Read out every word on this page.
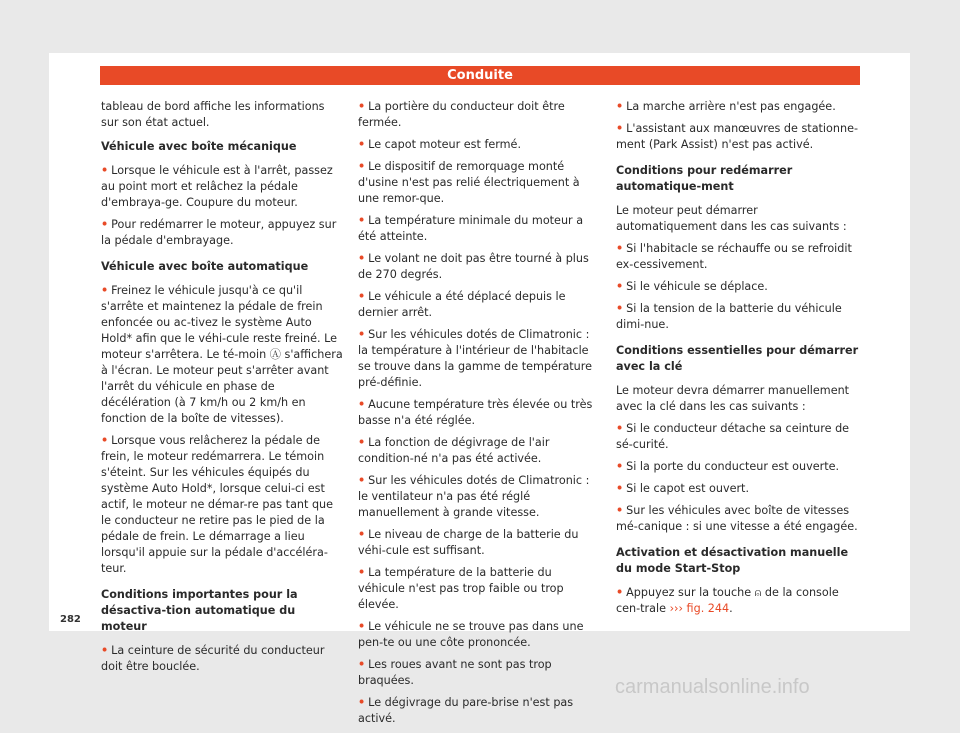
Conduite

tableau de bord affiche les informations sur son état actuel.

Véhicule avec boîte mécanique

• Lorsque le véhicule est à l'arrêt, passez au point mort et relâchez la pédale d'embraya-ge. Coupure du moteur.
• Pour redémarrer le moteur, appuyez sur la pédale d'embrayage.

Véhicule avec boîte automatique

• Freinez le véhicule jusqu'à ce qu'il s'arrête et maintenez la pédale de frein enfoncée ou ac-tivez le système Auto Hold* afin que le véhi-cule reste freiné. Le moteur s'arrêtera. Le té-moin Ⓐ s'affichera à l'écran. Le moteur peut s'arrêter avant l'arrêt du véhicule en phase de décélération (à 7 km/h ou 2 km/h en fonction de la boîte de vitesses).
• Lorsque vous relâcherez la pédale de frein, le moteur redémarrera. Le témoin s'éteint. Sur les véhicules équipés du système Auto Hold*, lorsque celui-ci est actif, le moteur ne démar-re pas tant que le conducteur ne retire pas le pied de la pédale de frein. Le démarrage a lieu lorsqu'il appuie sur la pédale d'accéléra-teur.

Conditions importantes pour la désactiva-tion automatique du moteur

• La ceinture de sécurité du conducteur doit être bouclée.
• La portière du conducteur doit être fermée.
• Le capot moteur est fermé.
• Le dispositif de remorquage monté d'usine n'est pas relié électriquement à une remor-que.
• La température minimale du moteur a été atteinte.
• Le volant ne doit pas être tourné à plus de 270 degrés.
• Le véhicule a été déplacé depuis le dernier arrêt.
• Sur les véhicules dotés de Climatronic : la température à l'intérieur de l'habitacle se trouve dans la gamme de température pré-définie.
• Aucune température très élevée ou très basse n'a été réglée.
• La fonction de dégivrage de l'air condition-né n'a pas été activée.
• Sur les véhicules dotés de Climatronic : le ventilateur n'a pas été réglé manuellement à grande vitesse.
• Le niveau de charge de la batterie du véhi-cule est suffisant.
• La température de la batterie du véhicule n'est pas trop faible ou trop élevée.
• Le véhicule ne se trouve pas dans une pen-te ou une côte prononcée.
• Les roues avant ne sont pas trop braquées.
• Le dégivrage du pare-brise n'est pas activé.
• La marche arrière n'est pas engagée.
• L'assistant aux manœuvres de stationne-ment (Park Assist) n'est pas activé.

Conditions pour redémarrer automatique-ment

Le moteur peut démarrer automatiquement dans les cas suivants :

• Si l'habitacle se réchauffe ou se refroidit ex-cessivement.
• Si le véhicule se déplace.
• Si la tension de la batterie du véhicule dimi-nue.

Conditions essentielles pour démarrer avec la clé

Le moteur devra démarrer manuellement avec la clé dans les cas suivants :

• Si le conducteur détache sa ceinture de sé-curité.
• Si la porte du conducteur est ouverte.
• Si le capot est ouvert.
• Sur les véhicules avec boîte de vitesses mé-canique : si une vitesse a été engagée.

Activation et désactivation manuelle du mode Start-Stop

• Appuyez sur la touche ⍝ de la console cen-trale ››› fig. 244.
282
carmanualsonline.info
